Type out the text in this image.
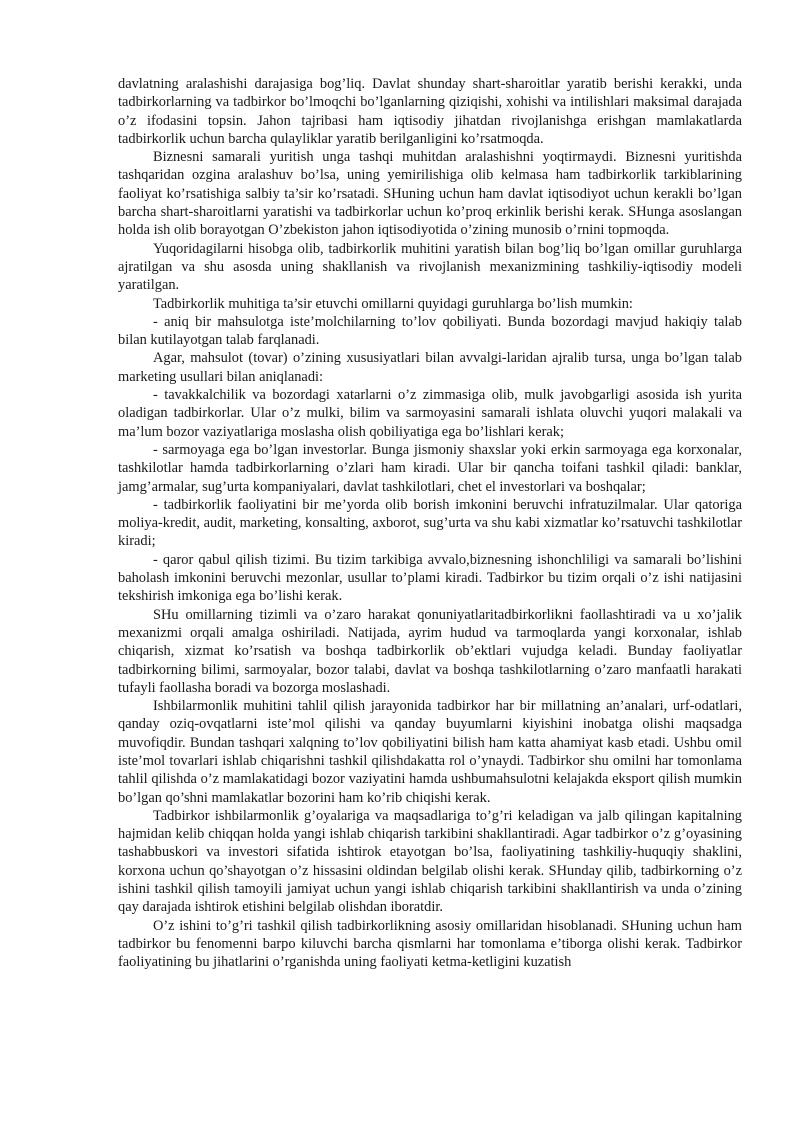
davlatning aralashishi darajasiga bog’liq. Davlat shunday shart-sharoitlar yaratib berishi kerakki, unda tadbirkorlarning va tadbirkor bo’lmoqchi bo’lganlarning qiziqishi, xohishi va intilishlari maksimal darajada o’z ifodasini topsin. Jahon tajribasi ham iqtisodiy jihatdan rivojlanishga erishgan mamlakatlarda tadbirkorlik uchun barcha qulayliklar yaratib berilganligini ko’rsatmoqda.

Biznesni samarali yuritish unga tashqi muhitdan aralashishni yoqtirmaydi. Biznesni yuritishda tashqaridan ozgina aralashuv bo’lsa, uning yemirilishiga olib kelmasa ham tadbirkorlik tarkiblarining faoliyat ko’rsatishiga salbiy ta’sir ko’rsatadi. SHuning uchun ham davlat iqtisodiyot uchun kerakli bo’lgan barcha shart-sharoitlarni yaratishi va tadbirkorlar uchun ko’proq erkinlik berishi kerak. SHunga asoslangan holda ish olib borayotgan O’zbekiston jahon iqtisodiyotida o’zining munosib o’rnini topmoqda.

Yuqoridagilarni hisobga olib, tadbirkorlik muhitini yaratish bilan bog’liq bo’lgan omillar guruhlarga ajratilgan va shu asosda uning shakllanish va rivojlanish mexanizmining tashkiliy-iqtisodiy modeli yaratilgan.

Tadbirkorlik muhitiga ta’sir etuvchi omillarni quyidagi guruhlarga bo’lish mumkin:

- aniq bir mahsulotga iste’molchilarning to’lov qobiliyati. Bunda bozordagi mavjud hakiqiy talab bilan kutilayotgan talab farqlanadi.

Agar, mahsulot (tovar) o’zining xususiyatlari bilan avvalgi-laridan ajralib tursa, unga bo’lgan talab marketing usullari bilan aniqlanadi:

- tavakkalchilik va bozordagi xatarlarni o’z zimmasiga olib, mulk javobgarligi asosida ish yurita oladigan tadbirkorlar. Ular o’z mulki, bilim va sarmoyasini samarali ishlata oluvchi yuqori malakali va ma’lum bozor vaziyatlariga moslasha olish qobiliyatiga ega bo’lishlari kerak;

- sarmoyaga ega bo’lgan investorlar. Bunga jismoniy shaxslar yoki erkin sarmoyaga ega korxonalar, tashkilotlar hamda tadbirkorlarning o’zlari ham kiradi. Ular bir qancha toifani tashkil qiladi: banklar, jamg’armalar, sug’urta kompaniyalari, davlat tashkilotlari, chet el investorlari va boshqalar;

- tadbirkorlik faoliyatini bir me’yorda olib borish imkonini beruvchi infratuzilmalar. Ular qatoriga moliya-kredit, audit, marketing, konsalting, axborot, sug’urta va shu kabi xizmatlar ko’rsatuvchi tashkilotlar kiradi;

- qaror qabul qilish tizimi. Bu tizim tarkibiga avvalo,biznesning ishonchliligi va samarali bo’lishini baholash imkonini beruvchi mezonlar, usullar to’plami kiradi. Tadbirkor bu tizim orqali o’z ishi natijasini tekshirish imkoniga ega bo’lishi kerak.

SHu omillarning tizimli va o’zaro harakat qonuniyatlaritadbirkorlikni faollashtiradi va u xo’jalik mexanizmi orqali amalga oshiriladi. Natijada, ayrim hudud va tarmoqlarda yangi korxonalar, ishlab chiqarish, xizmat ko’rsatish va boshqa tadbirkorlik ob’ektlari vujudga keladi. Bunday faoliyatlar tadbirkorning bilimi, sarmoyalar, bozor talabi, davlat va boshqa tashkilotlarning o’zaro manfaatli harakati tufayli faollasha boradi va bozorga moslashadi.

Ishbilarmonlik muhitini tahlil qilish jarayonida tadbirkor har bir millatning an’analari, urf-odatlari, qanday oziq-ovqatlarni iste’mol qilishi va qanday buyumlarni kiyishini inobatga olishi maqsadga muvofiqdir. Bundan tashqari xalqning to’lov qobiliyatini bilish ham katta ahamiyat kasb etadi. Ushbu omil iste’mol tovarlari ishlab chiqarishni tashkil qilishdakatta rol o’ynaydi. Tadbirkor shu omilni har tomonlama tahlil qilishda o’z mamlakatidagi bozor vaziyatini hamda ushbumahsulotni kelajakda eksport qilish mumkin bo’lgan qo’shni mamlakatlar bozorini ham ko’rib chiqishi kerak.

Tadbirkor ishbilarmonlik g’oyalariga va maqsadlariga to’g’ri keladigan va jalb qilingan kapitalning hajmidan kelib chiqqan holda yangi ishlab chiqarish tarkibini shakllantiradi. Agar tadbirkor o’z g’oyasining tashabbuskori va investori sifatida ishtirok etayotgan bo’lsa, faoliyatining tashkiliy-huquqiy shaklini, korxona uchun qo’shayotgan o’z hissasini oldindan belgilab olishi kerak. SHunday qilib, tadbirkorning o’z ishini tashkil qilish tamoyili jamiyat uchun yangi ishlab chiqarish tarkibini shakllantirish va unda o’zining qay darajada ishtirok etishini belgilab olishdan iboratdir.

O’z ishini to’g’ri tashkil qilish tadbirkorlikning asosiy omillaridan hisoblanadi. SHuning uchun ham tadbirkor bu fenomenni barpo kiluvchi barcha qismlarni har tomonlama e’tiborga olishi kerak. Tadbirkor faoliyatining bu jihatlarini o’rganishda uning faoliyati ketma-ketligini kuzatish
